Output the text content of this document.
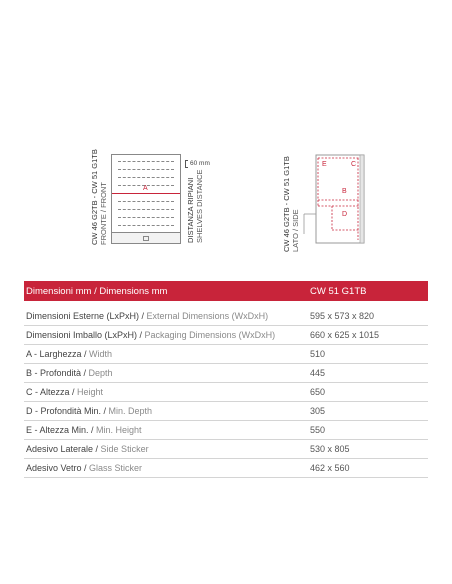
CW 46 G2TB - CW 51 G1TB FRONTE / FRONT	A
60 mm
DISTANZA RIPIANI SHELVES DISTANCE	CW 46 G2TB - CW 51 G1TB LATO / SIDE
E	C
B
D
Dimensioni mm / Dimensions mm	CW 51 G1TB
Dimensioni Esterne (LxPxH) / External Dimensions (WxDxH)	595 x 573 x 820
Dimensioni Imballo (LxPxH) / Packaging Dimensions (WxDxH)	660 x 625 x 1015
A - Larghezza / Width	510
B - Profondità / Depth	445
C - Altezza / Height	650
D - Profondità Min. / Min. Depth	305
E - Altezza Min. / Min. Height	550
Adesivo Laterale / Side Sticker	530 x 805
Adesivo Vetro / Glass Sticker	462 x 560
